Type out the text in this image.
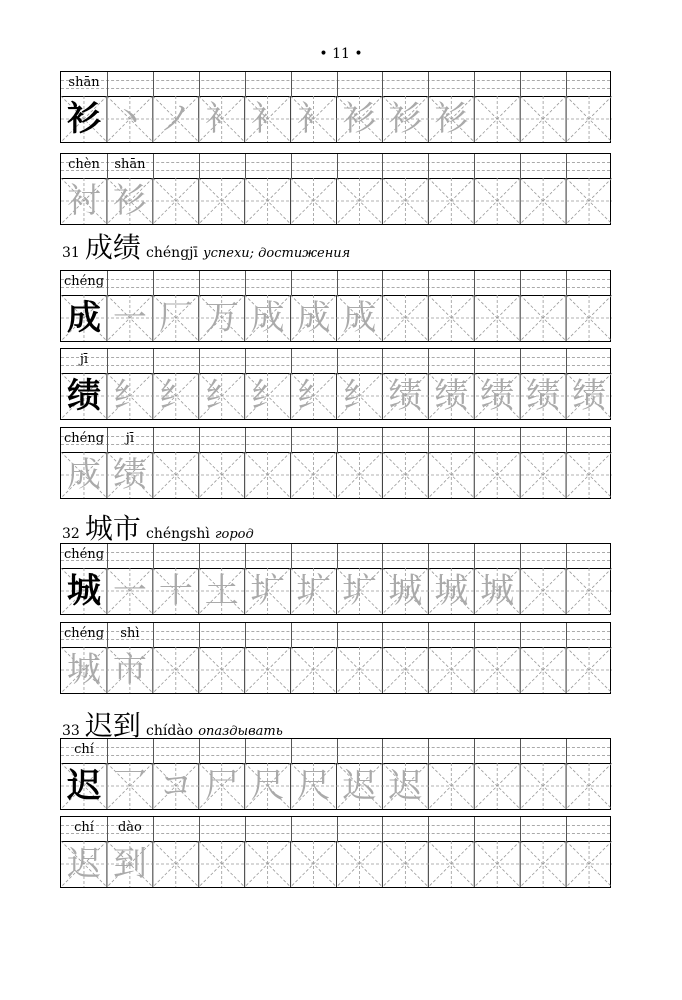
• 11 •
31 成绩 chéngjī успехи; достижения
32 城市 chéngshì город
33 迟到 chídào опаздывать
shān
衫 丶 ノ 衤 衤 衤 衫 衫 衫
chèn	shān
衬 衫
chéng
成 一 厂 万 成 成 成
jī
绩 纟 纟 纟 纟 纟 纟 绩 绩 绩 绩 绩
chéng	jī
成 绩
chéng
城 一 十 土 圹 圹 圹 城 城 城
chéng	shì
城 市
chí
迟 乛 コ 尸 尺 尺 迟 迟
chí	dào
迟 到
